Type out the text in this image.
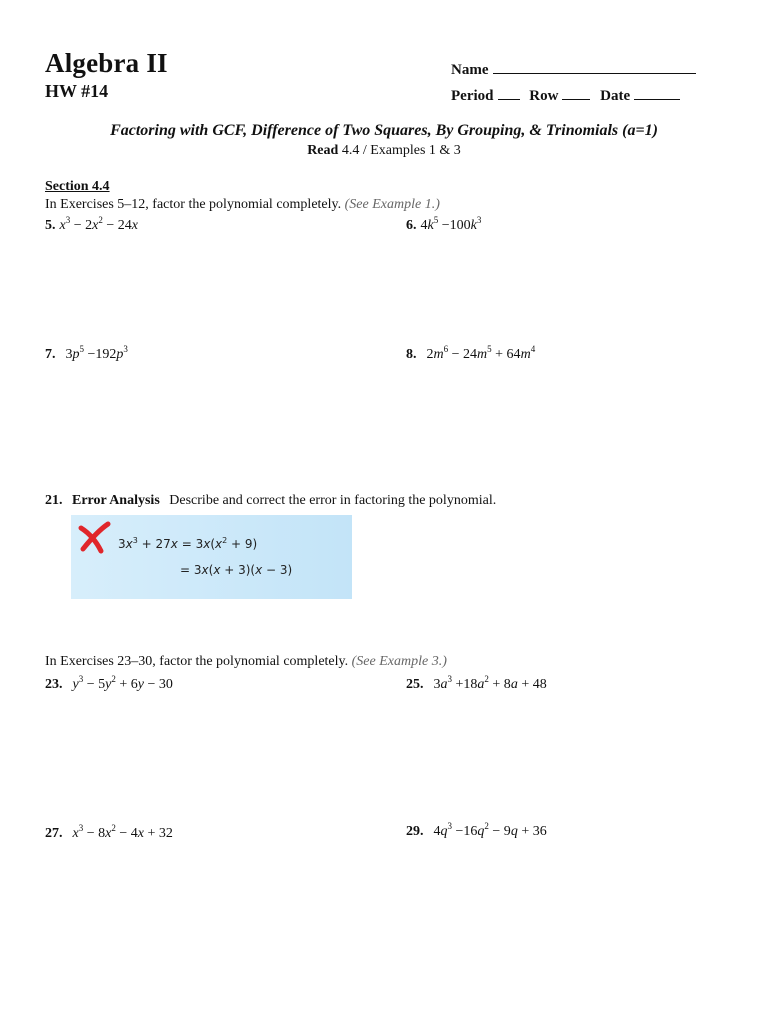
Algebra II
HW #14
Name
Period Row	Date
Factoring with GCF, Difference of Two Squares, By Grouping, & Trinomials (a=1)
Read 4.4 / Examples 1 & 3
Section 4.4
In Exercises 5–12, factor the polynomial completely. (See Example 1.)
5. $x^3 - 2x^2 - 24x$	6. $4k^5 -100k^3$
7. $3p^5 -192p^3$	8. $2m^6 - 24m^5 + 64m^4$
21. Error Analysis Describe and correct the error in factoring the polynomial.
$3x^3 + 27x = 3x(x^2 + 9)$
= 3x(x + 3)(x − 3)
In Exercises 23–30, factor the polynomial completely. (See Example 3.)
23. $y^3 - 5y^2 + 6y - 30$	25. $3a^3 +18a^2 + 8a + 48$
27. $x^3 - 8x^2 - 4x + 32$	29. $4q^3 -16q^2 - 9q + 36$
